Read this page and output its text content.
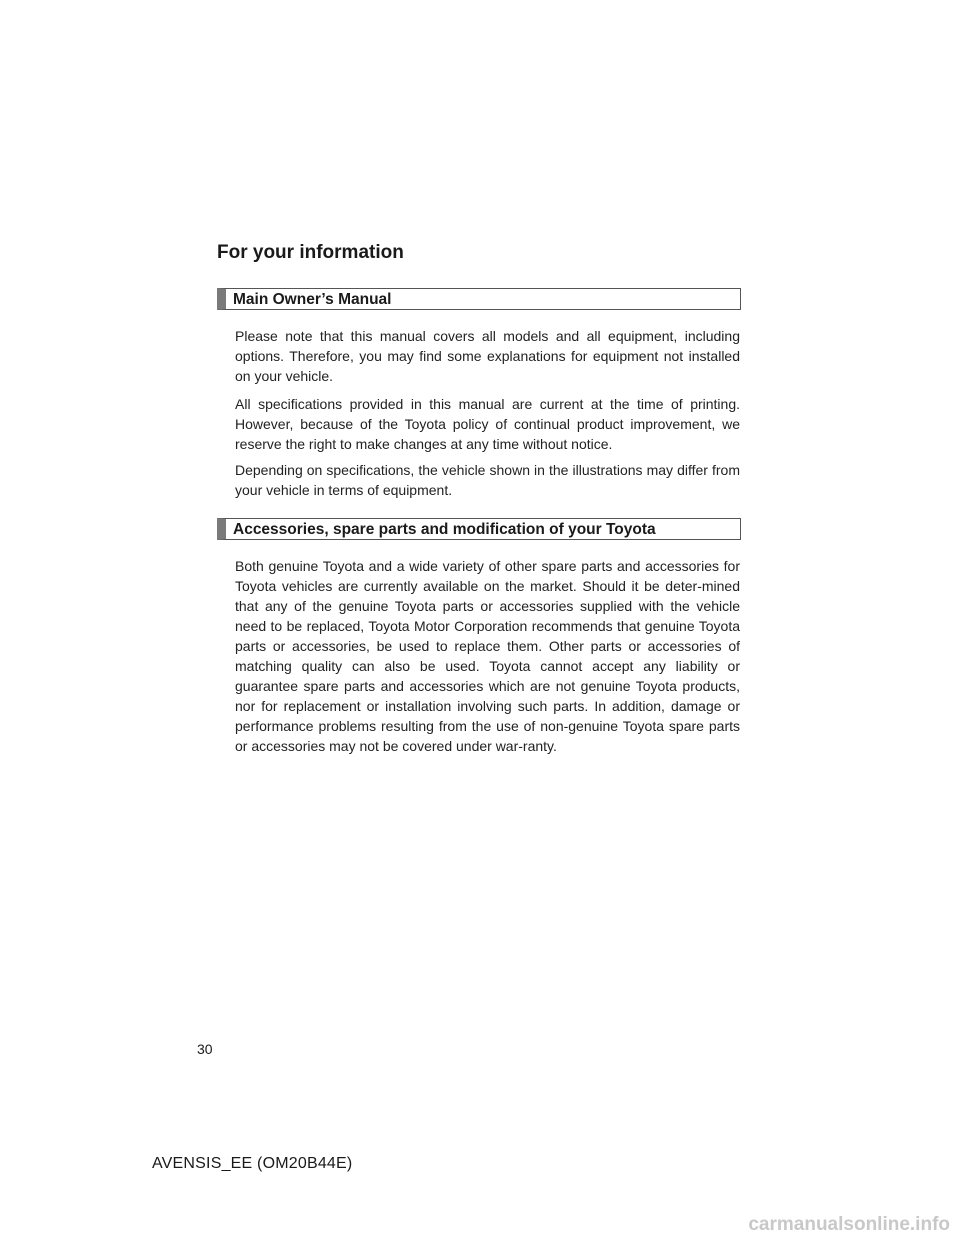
For your information
Main Owner’s Manual

Please note that this manual covers all models and all equipment, including options. Therefore, you may find some explanations for equipment not installed on your vehicle.

All specifications provided in this manual are current at the time of printing. However, because of the Toyota policy of continual product improvement, we reserve the right to make changes at any time without notice.

Depending on specifications, the vehicle shown in the illustrations may differ from your vehicle in terms of equipment.

Accessories, spare parts and modification of your Toyota

Both genuine Toyota and a wide variety of other spare parts and accessories for Toyota vehicles are currently available on the market. Should it be deter-mined that any of the genuine Toyota parts or accessories supplied with the vehicle need to be replaced, Toyota Motor Corporation recommends that genuine Toyota parts or accessories, be used to replace them. Other parts or accessories of matching quality can also be used. Toyota cannot accept any liability or guarantee spare parts and accessories which are not genuine Toyota products, nor for replacement or installation involving such parts. In addition, damage or performance problems resulting from the use of non-genuine Toyota spare parts or accessories may not be covered under war-ranty.

30
AVENSIS_EE (OM20B44E)
carmanualsonline.info
